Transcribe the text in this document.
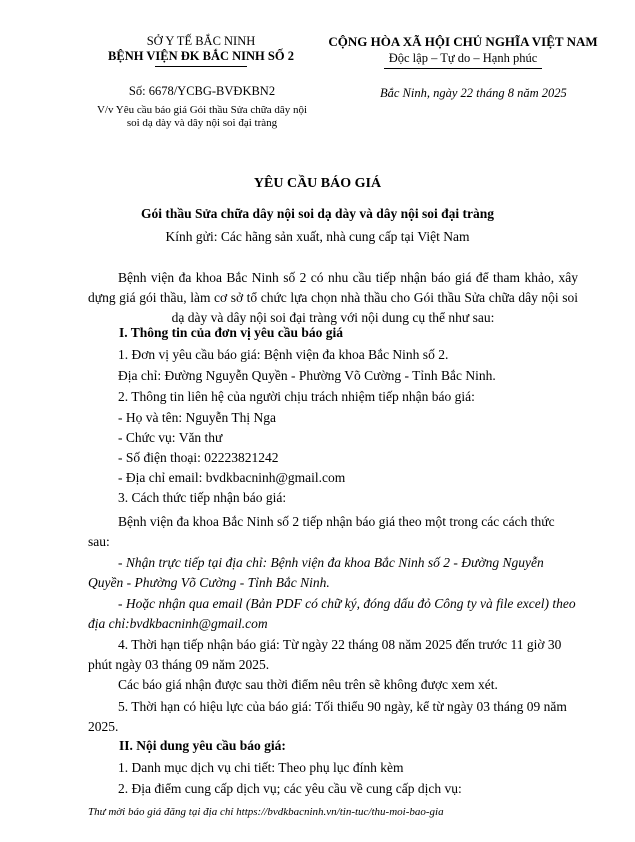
SỞ Y TẾ BẮC NINH
BỆNH VIỆN ĐK BẮC NINH SỐ 2
CỘNG HÒA XÃ HỘI CHỦ NGHĨA VIỆT NAM
Độc lập – Tự do – Hạnh phúc
Số: 6678/YCBG-BVĐKBN2
V/v Yêu cầu báo giá Gói thầu Sửa chữa dây nội soi dạ dày và dây nội soi đại tràng
Bắc Ninh, ngày 22 tháng 8 năm 2025
YÊU CẦU BÁO GIÁ
Gói thầu Sửa chữa dây nội soi dạ dày và dây nội soi đại tràng
Kính gửi: Các hãng sản xuất, nhà cung cấp tại Việt Nam
Bệnh viện đa khoa Bắc Ninh số 2 có nhu cầu tiếp nhận báo giá để tham khảo, xây dựng giá gói thầu, làm cơ sở tổ chức lựa chọn nhà thầu cho Gói thầu Sửa chữa dây nội soi dạ dày và dây nội soi đại tràng với nội dung cụ thể như sau:
I. Thông tin của đơn vị yêu cầu báo giá
1. Đơn vị yêu cầu báo giá: Bệnh viện đa khoa Bắc Ninh số 2.
Địa chỉ: Đường Nguyễn Quyền - Phường Võ Cường - Tỉnh Bắc Ninh.
2. Thông tin liên hệ của người chịu trách nhiệm tiếp nhận báo giá:
- Họ và tên: Nguyễn Thị Nga
- Chức vụ: Văn thư
- Số điện thoại: 02223821242
- Địa chỉ email: bvdkbacninh@gmail.com
3. Cách thức tiếp nhận báo giá:
Bệnh viện đa khoa Bắc Ninh số 2 tiếp nhận báo giá theo một trong các cách thức sau:
- Nhận trực tiếp tại địa chỉ: Bệnh viện đa khoa Bắc Ninh số 2 - Đường Nguyễn Quyền - Phường Võ Cường - Tỉnh Bắc Ninh.
- Hoặc nhận qua email (Bản PDF có chữ ký, đóng dấu đỏ Công ty và file excel) theo địa chỉ:bvdkbacninh@gmail.com
4. Thời hạn tiếp nhận báo giá: Từ ngày 22 tháng 08 năm 2025 đến trước 11 giờ 30 phút ngày 03 tháng 09 năm 2025.
Các báo giá nhận được sau thời điểm nêu trên sẽ không được xem xét.
5. Thời hạn có hiệu lực của báo giá: Tối thiểu 90 ngày, kể từ ngày 03 tháng 09 năm 2025.
II. Nội dung yêu cầu báo giá:
1. Danh mục dịch vụ chi tiết: Theo phụ lục đính kèm
2. Địa điểm cung cấp dịch vụ; các yêu cầu về cung cấp dịch vụ:
Thư mời báo giá đăng tại địa chỉ https://bvdkbacninh.vn/tin-tuc/thu-moi-bao-gia
